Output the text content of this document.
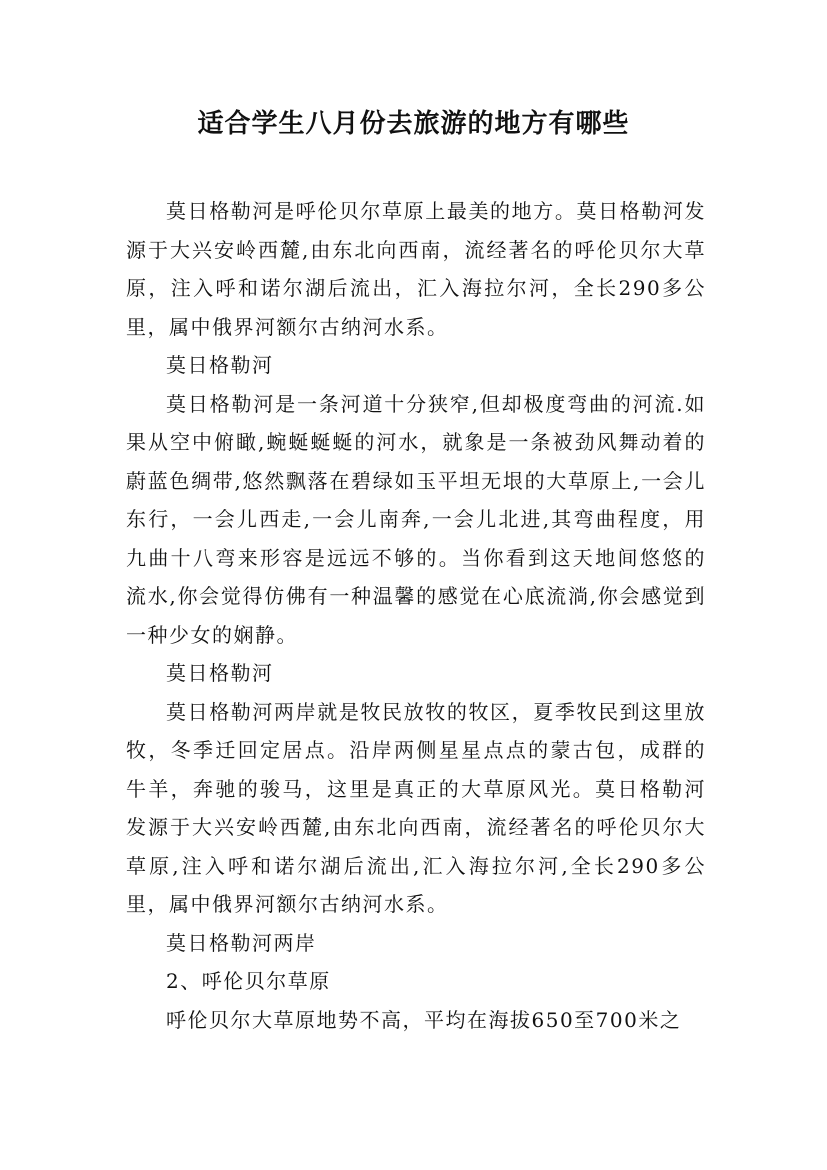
适合学生八月份去旅游的地方有哪些

莫日格勒河是呼伦贝尔草原上最美的地方。莫日格勒河发源于大兴安岭西麓,由东北向西南，流经著名的呼伦贝尔大草原，注入呼和诺尔湖后流出，汇入海拉尔河，全长290多公里，属中俄界河额尔古纳河水系。

莫日格勒河

莫日格勒河是一条河道十分狭窄,但却极度弯曲的河流.如果从空中俯瞰,蜿蜒蜒蜒的河水，就象是一条被劲风舞动着的蔚蓝色绸带,悠然飘落在碧绿如玉平坦无垠的大草原上,一会儿东行，一会儿西走,一会儿南奔,一会儿北进,其弯曲程度，用九曲十八弯来形容是远远不够的。当你看到这天地间悠悠的流水,你会觉得仿佛有一种温馨的感觉在心底流淌,你会感觉到一种少女的娴静。

莫日格勒河

莫日格勒河两岸就是牧民放牧的牧区，夏季牧民到这里放牧，冬季迁回定居点。沿岸两侧星星点点的蒙古包，成群的牛羊，奔驰的骏马，这里是真正的大草原风光。莫日格勒河发源于大兴安岭西麓,由东北向西南，流经著名的呼伦贝尔大草原,注入呼和诺尔湖后流出,汇入海拉尔河,全长290多公里，属中俄界河额尔古纳河水系。

莫日格勒河两岸

2、呼伦贝尔草原

呼伦贝尔大草原地势不高，平均在海拔650至700米之
